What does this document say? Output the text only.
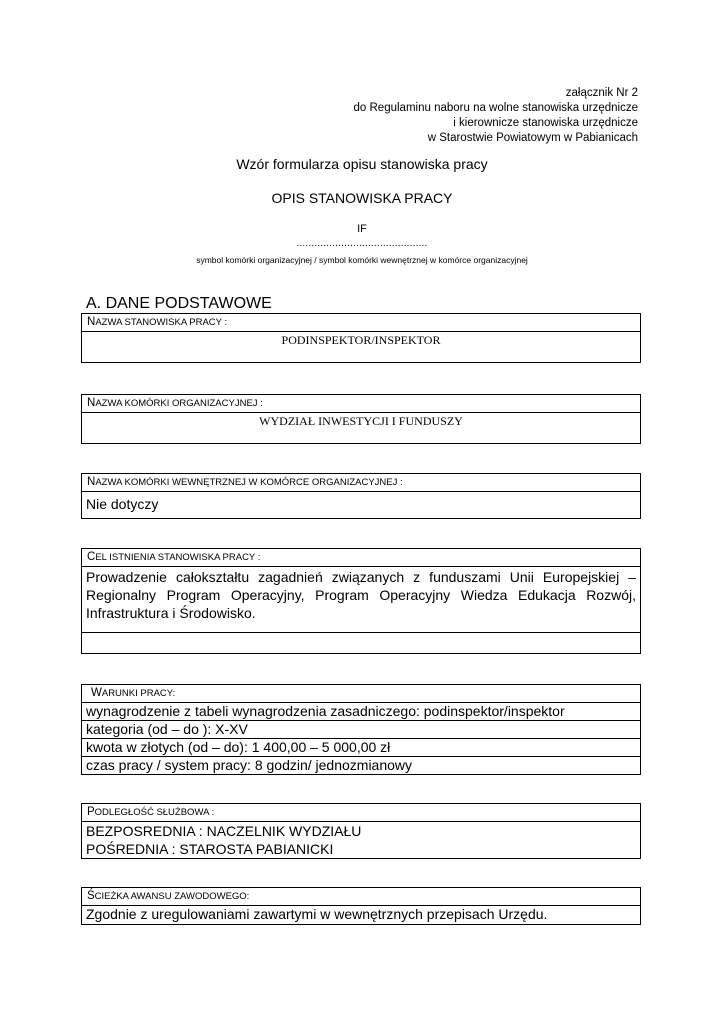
załącznik Nr 2
do Regulaminu naboru na wolne stanowiska urzędnicze
i kierownicze stanowiska urzędnicze
w Starostwie Powiatowym w Pabianicach
Wzór formularza opisu stanowiska pracy
OPIS STANOWISKA PRACY
IF
............................................
symbol komórki organizacyjnej / symbol komórki wewnętrznej w komórce organizacyjnej
A. DANE PODSTAWOWE
NAZWA STANOWISKA PRACY :
PODINSPEKTOR/INSPEKTOR
NAZWA KOMÓRKI ORGANIZACYJNEJ :
WYDZIAŁ INWESTYCJI I FUNDUSZY
NAZWA KOMÓRKI WEWNĘTRZNEJ W KOMÓRCE ORGANIZACYJNEJ :
Nie dotyczy
CEL ISTNIENIA STANOWISKA PRACY :
Prowadzenie całokształtu zagadnień związanych z funduszami Unii Europejskiej – Regionalny Program Operacyjny, Program Operacyjny Wiedza Edukacja Rozwój, Infrastruktura i Środowisko.
WARUNKI PRACY:
wynagrodzenie z tabeli wynagrodzenia zasadniczego: podinspektor/inspektor
kategoria (od – do ): X-XV
kwota w złotych (od – do): 1 400,00 – 5 000,00 zł
czas pracy / system pracy: 8 godzin/ jednozmianowy
PODLEGŁOŚĆ SŁUŻBOWA :
BEZPOSREDNIA : NACZELNIK WYDZIAŁU
POŚREDNIA : STAROSTA PABIANICKI
ŚCIEŻKA AWANSU ZAWODOWEGO:
Zgodnie z uregulowaniami zawartymi w wewnętrznych przepisach Urzędu.
